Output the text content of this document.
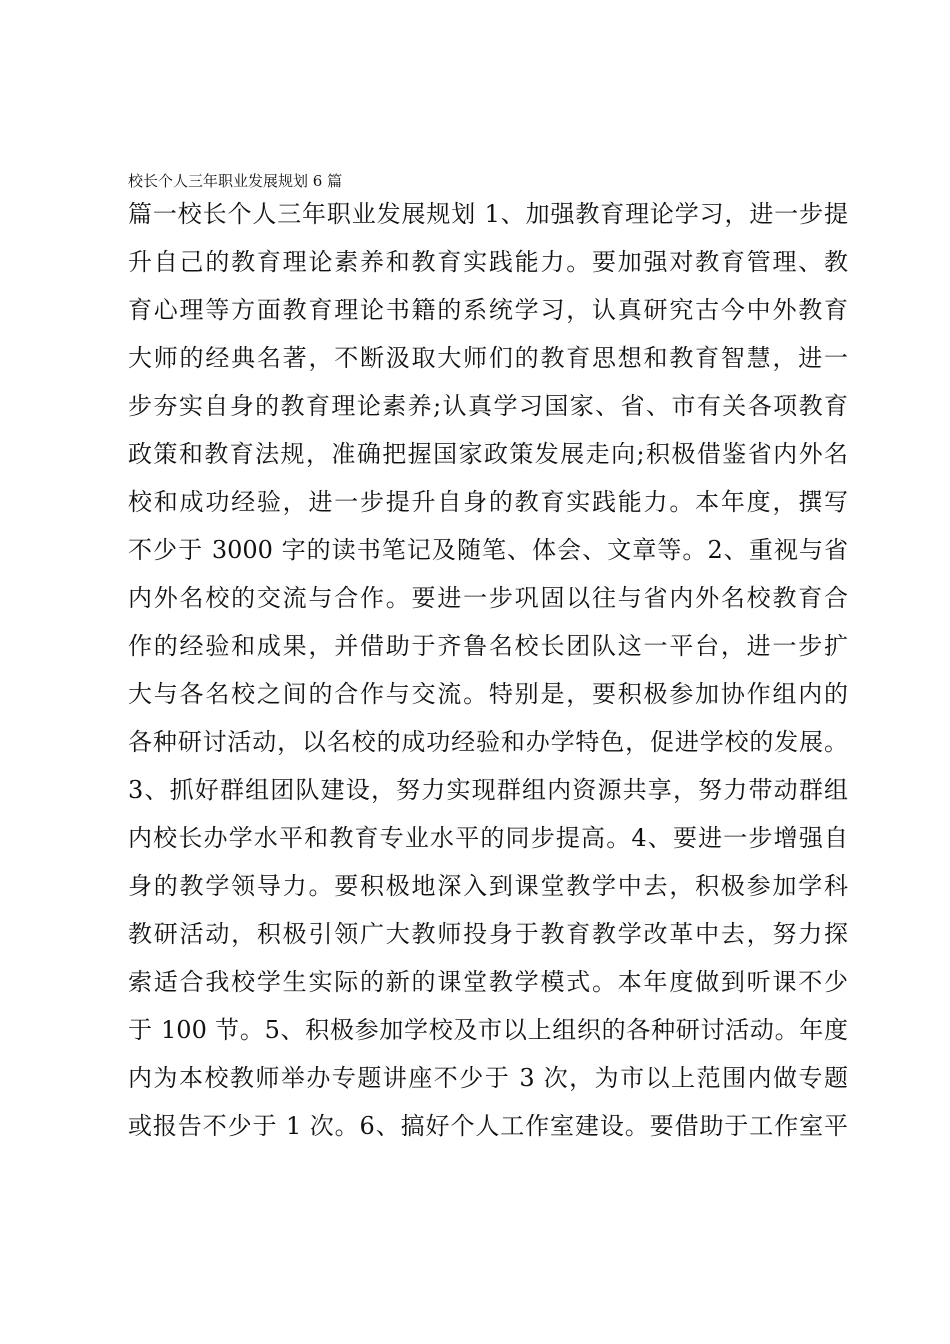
校长个人三年职业发展规划 6 篇
篇一校长个人三年职业发展规划 1、加强教育理论学习，进一步提
升自己的教育理论素养和教育实践能力。要加强对教育管理、教
育心理等方面教育理论书籍的系统学习，认真研究古今中外教育
大师的经典名著，不断汲取大师们的教育思想和教育智慧，进一
步夯实自身的教育理论素养;认真学习国家、省、市有关各项教育
政策和教育法规，准确把握国家政策发展走向;积极借鉴省内外名
校和成功经验，进一步提升自身的教育实践能力。本年度，撰写
不少于 3000 字的读书笔记及随笔、体会、文章等。2、重视与省
内外名校的交流与合作。要进一步巩固以往与省内外名校教育合
作的经验和成果，并借助于齐鲁名校长团队这一平台，进一步扩
大与各名校之间的合作与交流。特别是，要积极参加协作组内的
各种研讨活动，以名校的成功经验和办学特色，促进学校的发展。
3、抓好群组团队建设，努力实现群组内资源共享，努力带动群组
内校长办学水平和教育专业水平的同步提高。4、要进一步增强自
身的教学领导力。要积极地深入到课堂教学中去，积极参加学科
教研活动，积极引领广大教师投身于教育教学改革中去，努力探
索适合我校学生实际的新的课堂教学模式。本年度做到听课不少
于 100 节。5、积极参加学校及市以上组织的各种研讨活动。年度
内为本校教师举办专题讲座不少于 3 次，为市以上范围内做专题
或报告不少于 1 次。6、搞好个人工作室建设。要借助于工作室平
